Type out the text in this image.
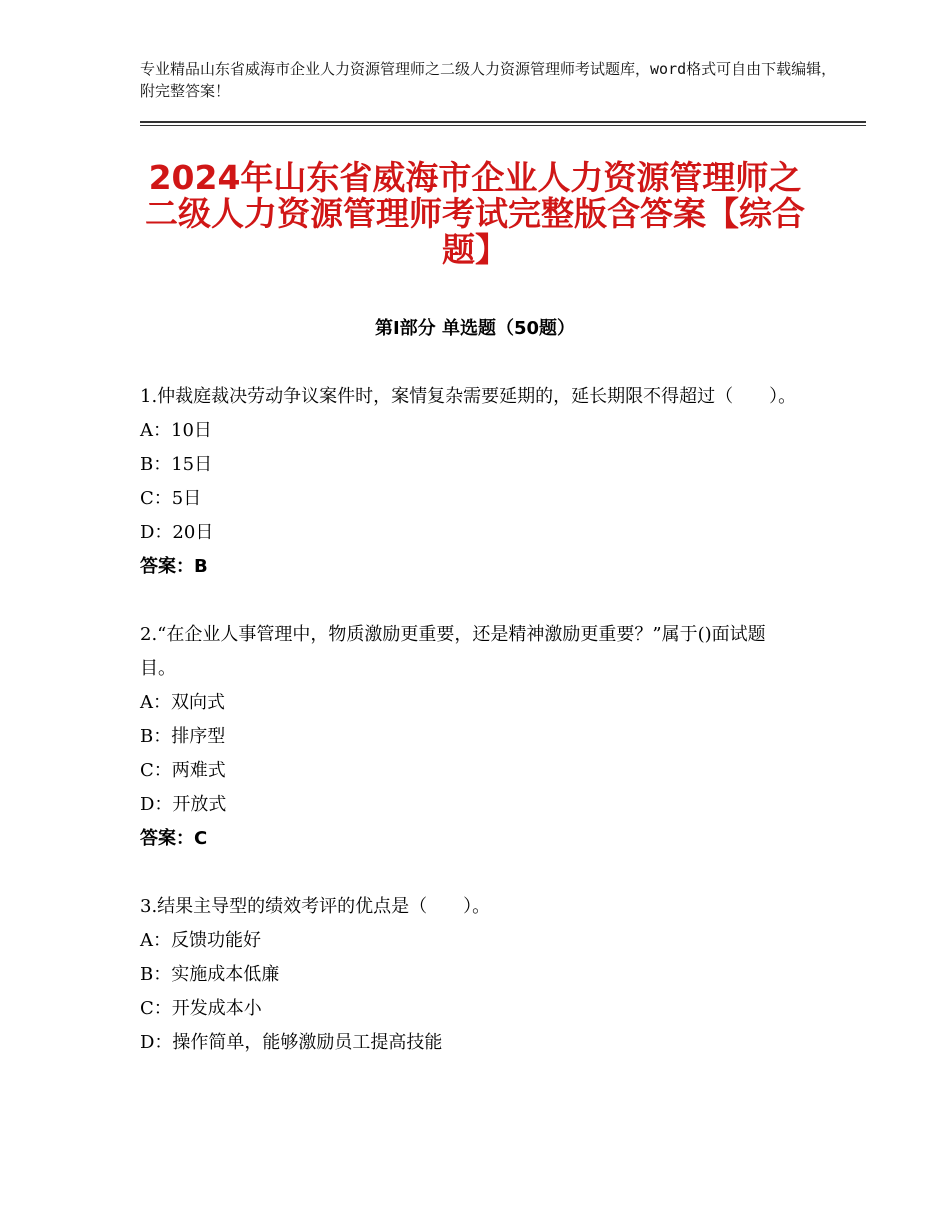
专业精品山东省威海市企业人力资源管理师之二级人力资源管理师考试题库，word格式可自由下载编辑，附完整答案！
2024年山东省威海市企业人力资源管理师之二级人力资源管理师考试完整版含答案【综合题】
第Ⅰ部分 单选题（50题）

1.仲裁庭裁决劳动争议案件时，案情复杂需要延期的，延长期限不得超过（　　）。

A：10日

B：15日

C：5日

D：20日

答案：B

2.“在企业人事管理中，物质激励更重要，还是精神激励更重要？”属于()面试题目。

A：双向式

B：排序型

C：两难式

D：开放式

答案：C

3.结果主导型的绩效考评的优点是（　　）。

A：反馈功能好

B：实施成本低廉

C：开发成本小

D：操作简单，能够激励员工提高技能
